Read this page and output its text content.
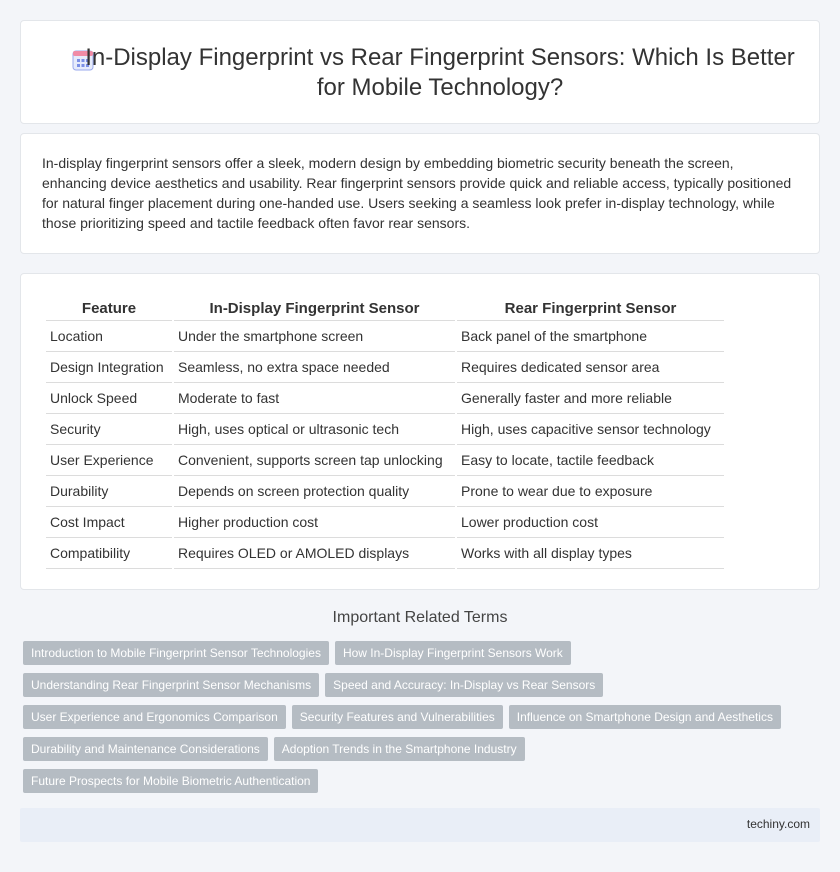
In-Display Fingerprint vs Rear Fingerprint Sensors: Which Is Better for Mobile Technology?

In-display fingerprint sensors offer a sleek, modern design by embedding biometric security beneath the screen, enhancing device aesthetics and usability. Rear fingerprint sensors provide quick and reliable access, typically positioned for natural finger placement during one-handed use. Users seeking a seamless look prefer in-display technology, while those prioritizing speed and tactile feedback often favor rear sensors.

Feature	In-Display Fingerprint Sensor	Rear Fingerprint Sensor
Location	Under the smartphone screen	Back panel of the smartphone
Design Integration	Seamless, no extra space needed	Requires dedicated sensor area
Unlock Speed	Moderate to fast	Generally faster and more reliable
Security	High, uses optical or ultrasonic tech	High, uses capacitive sensor technology
User Experience	Convenient, supports screen tap unlocking	Easy to locate, tactile feedback
Durability	Depends on screen protection quality	Prone to wear due to exposure
Cost Impact	Higher production cost	Lower production cost
Compatibility	Requires OLED or AMOLED displays	Works with all display types
Important Related Terms
Introduction to Mobile Fingerprint Sensor Technologies How In-Display Fingerprint Sensors Work
Understanding Rear Fingerprint Sensor Mechanisms Speed and Accuracy: In-Display vs Rear Sensors
User Experience and Ergonomics Comparison Security Features and Vulnerabilities Influence on Smartphone Design and Aesthetics
Durability and Maintenance Considerations Adoption Trends in the Smartphone Industry
Future Prospects for Mobile Biometric Authentication
techiny.com
